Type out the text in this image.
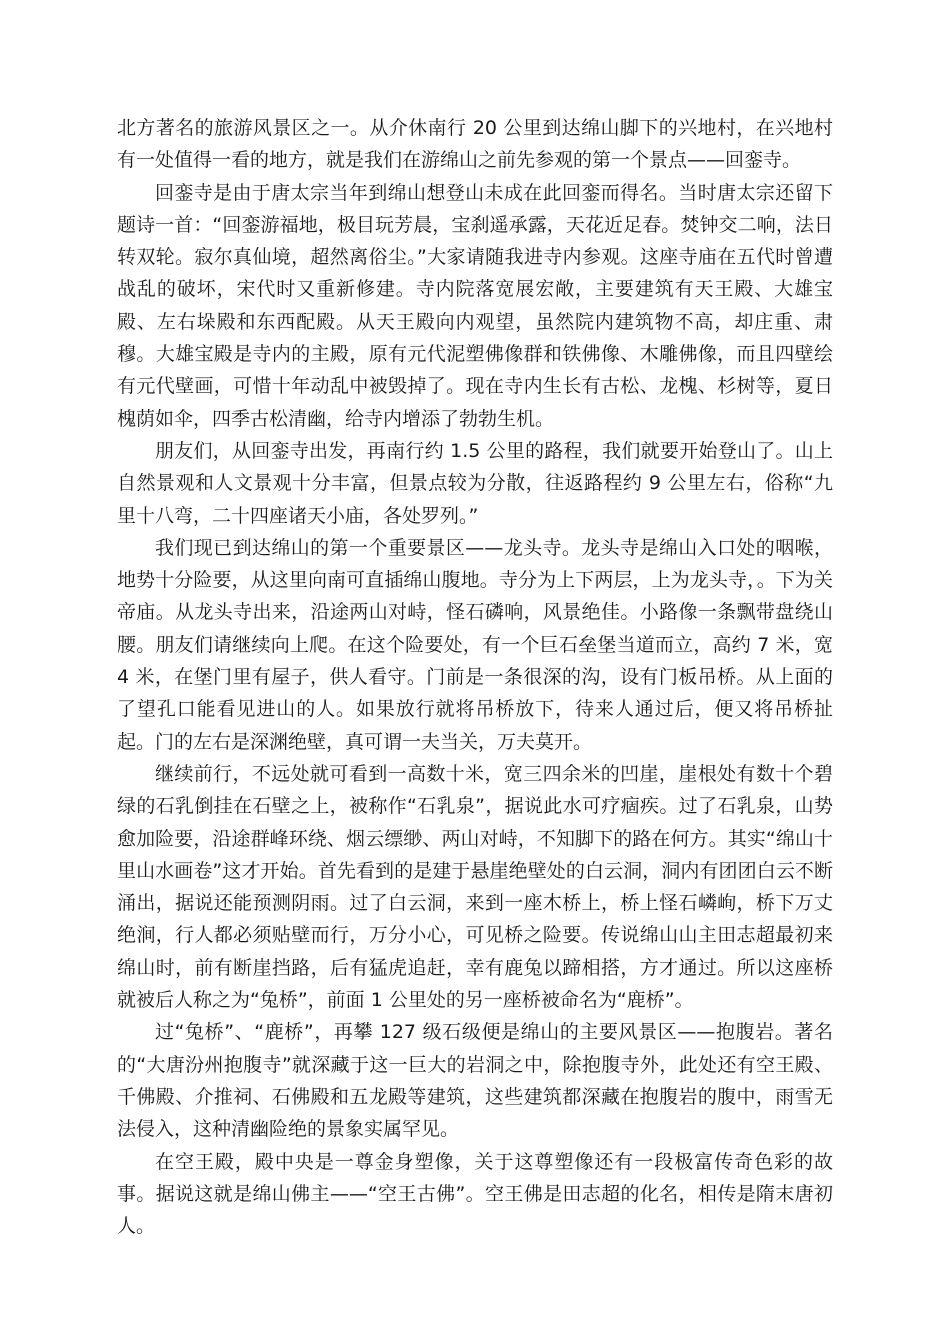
北方著名的旅游风景区之一。从介休南行 20 公里到达绵山脚下的兴地村，在兴地村有一处值得一看的地方，就是我们在游绵山之前先参观的第一个景点——回銮寺。

回銮寺是由于唐太宗当年到绵山想登山未成在此回銮而得名。当时唐太宗还留下题诗一首：“回銮游福地，极目玩芳晨，宝刹遥承露，天花近足春。焚钟交二响，法日转双轮。寂尔真仙境，超然离俗尘。”大家请随我进寺内参观。这座寺庙在五代时曾遭战乱的破坏，宋代时又重新修建。寺内院落宽展宏敞，主要建筑有天王殿、大雄宝殿、左右垛殿和东西配殿。从天王殿向内观望，虽然院内建筑物不高，却庄重、肃穆。大雄宝殿是寺内的主殿，原有元代泥塑佛像群和铁佛像、木雕佛像，而且四壁绘有元代壁画，可惜十年动乱中被毁掉了。现在寺内生长有古松、龙槐、杉树等，夏日槐荫如伞，四季古松清幽，给寺内增添了勃勃生机。

朋友们，从回銮寺出发，再南行约 1.5 公里的路程，我们就要开始登山了。山上自然景观和人文景观十分丰富，但景点较为分散，往返路程约 9 公里左右，俗称“九里十八弯，二十四座诸天小庙，各处罗列。”

我们现已到达绵山的第一个重要景区——龙头寺。龙头寺是绵山入口处的咽喉，地势十分险要，从这里向南可直插绵山腹地。寺分为上下两层，上为龙头寺，。下为关帝庙。从龙头寺出来，沿途两山对峙，怪石磷响，风景绝佳。小路像一条飘带盘绕山腰。朋友们请继续向上爬。在这个险要处，有一个巨石垒堡当道而立，高约 7 米，宽 4 米，在堡门里有屋子，供人看守。门前是一条很深的沟，设有门板吊桥。从上面的了望孔口能看见进山的人。如果放行就将吊桥放下，待来人通过后，便又将吊桥扯起。门的左右是深渊绝壁，真可谓一夫当关，万夫莫开。

继续前行，不远处就可看到一高数十米，宽三四余米的凹崖，崖根处有数十个碧绿的石乳倒挂在石壁之上，被称作“石乳泉”，据说此水可疗痼疾。过了石乳泉，山势愈加险要，沿途群峰环绕、烟云缥缈、两山对峙，不知脚下的路在何方。其实“绵山十里山水画卷”这才开始。首先看到的是建于悬崖绝壁处的白云洞，洞内有团团白云不断涌出，据说还能预测阴雨。过了白云洞，来到一座木桥上，桥上怪石嶙峋，桥下万丈绝涧，行人都必须贴壁而行，万分小心，可见桥之险要。传说绵山山主田志超最初来绵山时，前有断崖挡路，后有猛虎追赶，幸有鹿兔以蹄相搭，方才通过。所以这座桥就被后人称之为“兔桥”，前面 1 公里处的另一座桥被命名为“鹿桥”。

过“兔桥”、“鹿桥”，再攀 127 级石级便是绵山的主要风景区——抱腹岩。著名的“大唐汾州抱腹寺”就深藏于这一巨大的岩洞之中，除抱腹寺外，此处还有空王殿、千佛殿、介推祠、石佛殿和五龙殿等建筑，这些建筑都深藏在抱腹岩的腹中，雨雪无法侵入，这种清幽险绝的景象实属罕见。

在空王殿，殿中央是一尊金身塑像，关于这尊塑像还有一段极富传奇色彩的故事。据说这就是绵山佛主——“空王古佛”。空王佛是田志超的化名，相传是隋末唐初人。
